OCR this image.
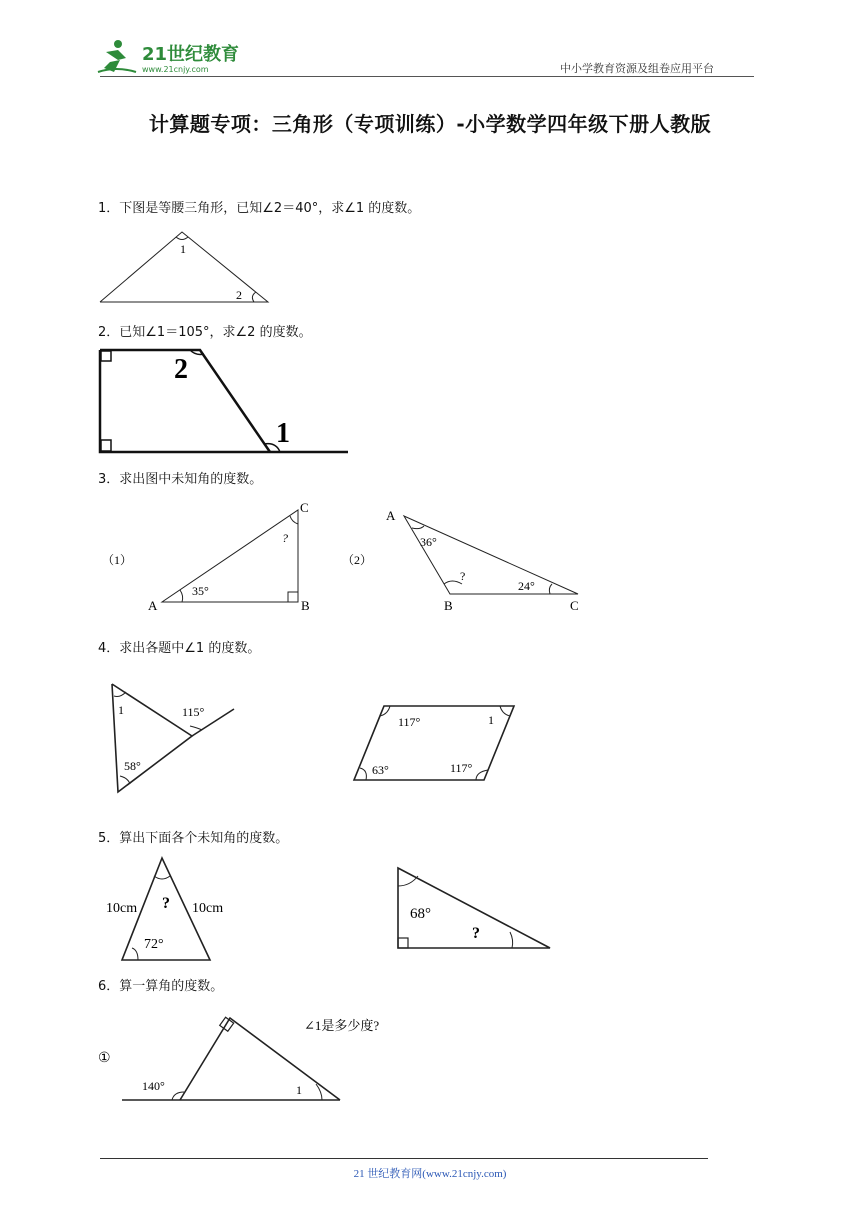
21世纪教育
www.21cnjy.com	中小学教育资源及组卷应用平台
计算题专项：三角形（专项训练）-小学数学四年级下册人教版
1．下图是等腰三角形，已知∠2＝40°，求∠1 的度数。
1
2
2．已知∠1＝105°，求∠2 的度数。
2
1
3．求出图中未知角的度数。
（1）
A	B
C
35°
?
（2）
A
B	C
36°
24°
?
4．求出各题中∠1 的度数。
1	115°
58°
117°	1
63°	117°
5．算出下面各个未知角的度数。
10cm	10cm
?
72°
68°
?
6．算一算角的度数。
①
140°	1
∠1是多少度?
21 世纪教育网(www.21cnjy.com)
